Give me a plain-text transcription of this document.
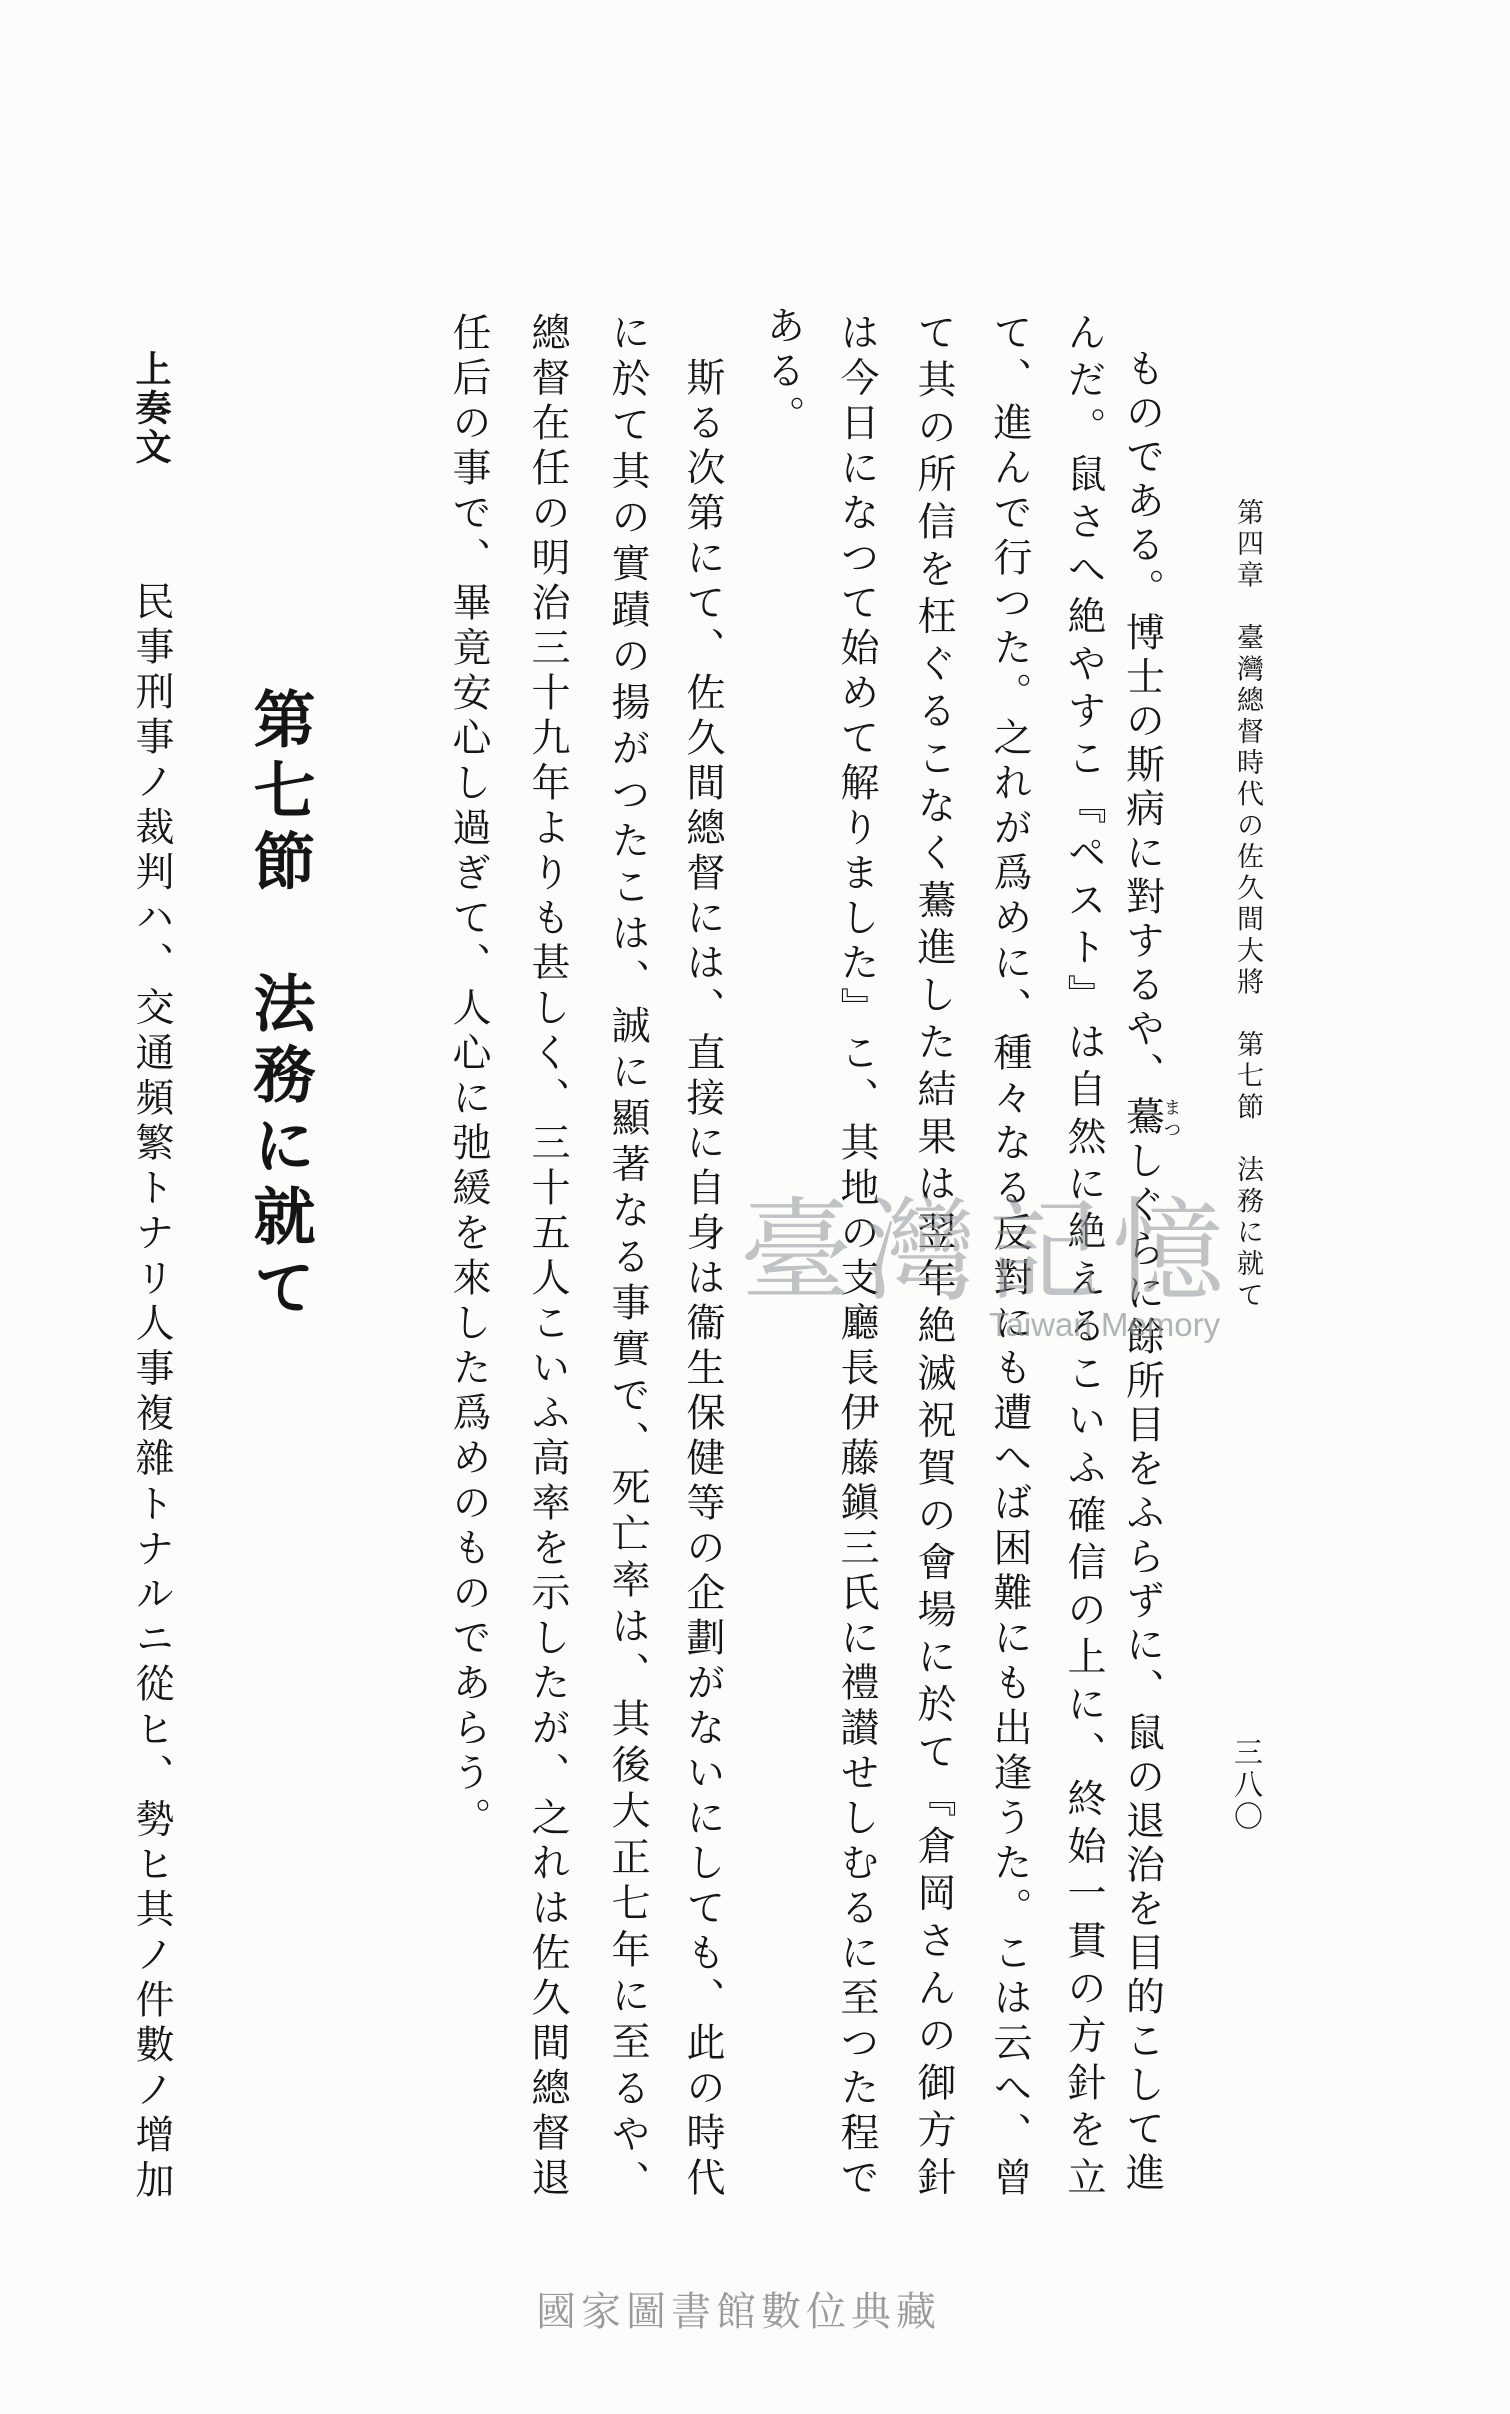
第四章　臺灣總督時代の佐久間大將　第七節　法務に就て
三八〇
ものである。博士の斯病に對するや、驀まつしぐらに餘所目をふらずに、鼠の退治を目的こして進
んだ。鼠さへ絶やすこ『ペスト』は自然に絶えるこいふ確信の上に、終始一貫の方針を立
て、進んで行つた。之れが爲めに、種々なる反對にも遭へば困難にも出逢うた。こは云へ、曾
て其の所信を枉ぐるこなく驀進した結果は翌年絶滅祝賀の會場に於て『倉岡さんの御方針
は今日になつて始めて解りました』こ、其地の支廳長伊藤鎭三氏に禮讃せしむるに至つた程で
ある。
　斯る次第にて、佐久間總督には、直接に自身は衞生保健等の企劃がないにしても、此の時代
に於て其の實蹟の揚がつたこは、誠に顯著なる事實で、死亡率は、其後大正七年に至るや、
總督在任の明治三十九年よりも甚しく、三十五人こいふ高率を示したが、之れは佐久間總督退
任后の事で、畢竟安心し過ぎて、人心に弛緩を來した爲めのものであらう。
第七節　法務に就て
上奏文
民事刑事ノ裁判ハ、交通頻繁トナリ人事複雜トナルニ從ヒ、勢ヒ其ノ件數ノ增加	臺灣記憶
Taiwan Memory
國家圖書館數位典藏
